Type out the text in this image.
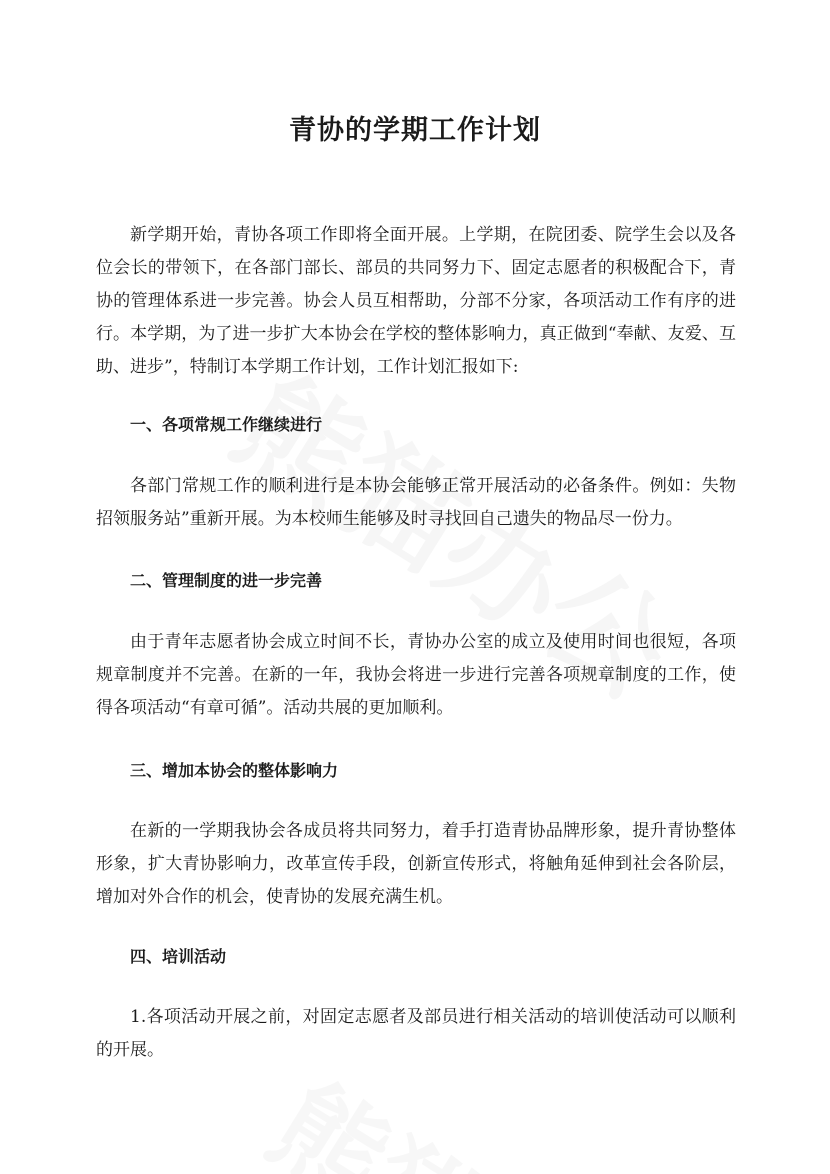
青协的学期工作计划

新学期开始，青协各项工作即将全面开展。上学期，在院团委、院学生会以及各位会长的带领下，在各部门部长、部员的共同努力下、固定志愿者的积极配合下，青协的管理体系进一步完善。协会人员互相帮助，分部不分家，各项活动工作有序的进行。本学期，为了进一步扩大本协会在学校的整体影响力，真正做到“奉献、友爱、互助、进步”，特制订本学期工作计划，工作计划汇报如下:

一、各项常规工作继续进行

各部门常规工作的顺利进行是本协会能够正常开展活动的必备条件。例如：失物招领服务站”重新开展。为本校师生能够及时寻找回自己遗失的物品尽一份力。

二、管理制度的进一步完善

由于青年志愿者协会成立时间不长，青协办公室的成立及使用时间也很短，各项规章制度并不完善。在新的一年，我协会将进一步进行完善各项规章制度的工作，使得各项活动“有章可循”。活动共展的更加顺利。

三、增加本协会的整体影响力

在新的一学期我协会各成员将共同努力，着手打造青协品牌形象，提升青协整体形象，扩大青协影响力，改革宣传手段，创新宣传形式，将触角延伸到社会各阶层，增加对外合作的机会，使青协的发展充满生机。

四、培训活动

1.各项活动开展之前，对固定志愿者及部员进行相关活动的培训使活动可以顺利的开展。
